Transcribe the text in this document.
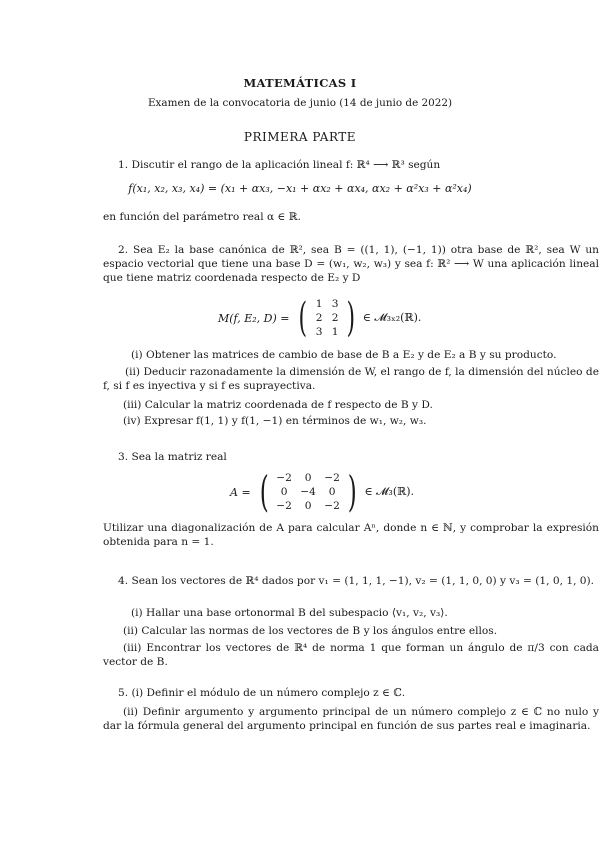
MATEMÁTICAS I
Examen de la convocatoria de junio (14 de junio de 2022)
PRIMERA PARTE
1. Discutir el rango de la aplicación lineal f: ℝ⁴ ⟶ ℝ³ según
f(x₁, x₂, x₃, x₄) = (x₁ + αx₃, −x₁ + αx₂ + αx₄, αx₂ + α²x₃ + α²x₄)
en función del parámetro real α ∈ ℝ.
2. Sea E₂ la base canónica de ℝ², sea B = ((1, 1), (−1, 1)) otra base de ℝ², sea W un espacio vectorial que tiene una base D = (w₁, w₂, w₃) y sea f: ℝ² ⟶ W una aplicación lineal que tiene matriz coordenada respecto de E₂ y D
M(f, E₂, D) = ( 1 3
2 2
3 1 ) ∈ 𝓜₃ₓ₂(ℝ).
(i) Obtener las matrices de cambio de base de B a E₂ y de E₂ a B y su producto.
(ii) Deducir razonadamente la dimensión de W, el rango de f, la dimensión del núcleo de f, si f es inyectiva y si f es suprayectiva.
(iii) Calcular la matriz coordenada de f respecto de B y D.
(iv) Expresar f(1, 1) y f(1, −1) en términos de w₁, w₂, w₃.
3. Sea la matriz real
A = ( −2	0	−2
0	−4	0
−2	0	−2 ) ∈ 𝓜₃(ℝ).
Utilizar una diagonalización de A para calcular Aⁿ, donde n ∈ ℕ, y comprobar la expresión obtenida para n = 1.
4. Sean los vectores de ℝ⁴ dados por v₁ = (1, 1, 1, −1), v₂ = (1, 1, 0, 0) y v₃ = (1, 0, 1, 0).
(i) Hallar una base ortonormal B del subespacio ⟨v₁, v₂, v₃⟩.
(ii) Calcular las normas de los vectores de B y los ángulos entre ellos.
(iii) Encontrar los vectores de ℝ⁴ de norma 1 que forman un ángulo de π/3 con cada vector de B.
5. (i) Definir el módulo de un número complejo z ∈ ℂ.
(ii) Definir argumento y argumento principal de un número complejo z ∈ ℂ no nulo y dar la fórmula general del argumento principal en función de sus partes real e imaginaria.
